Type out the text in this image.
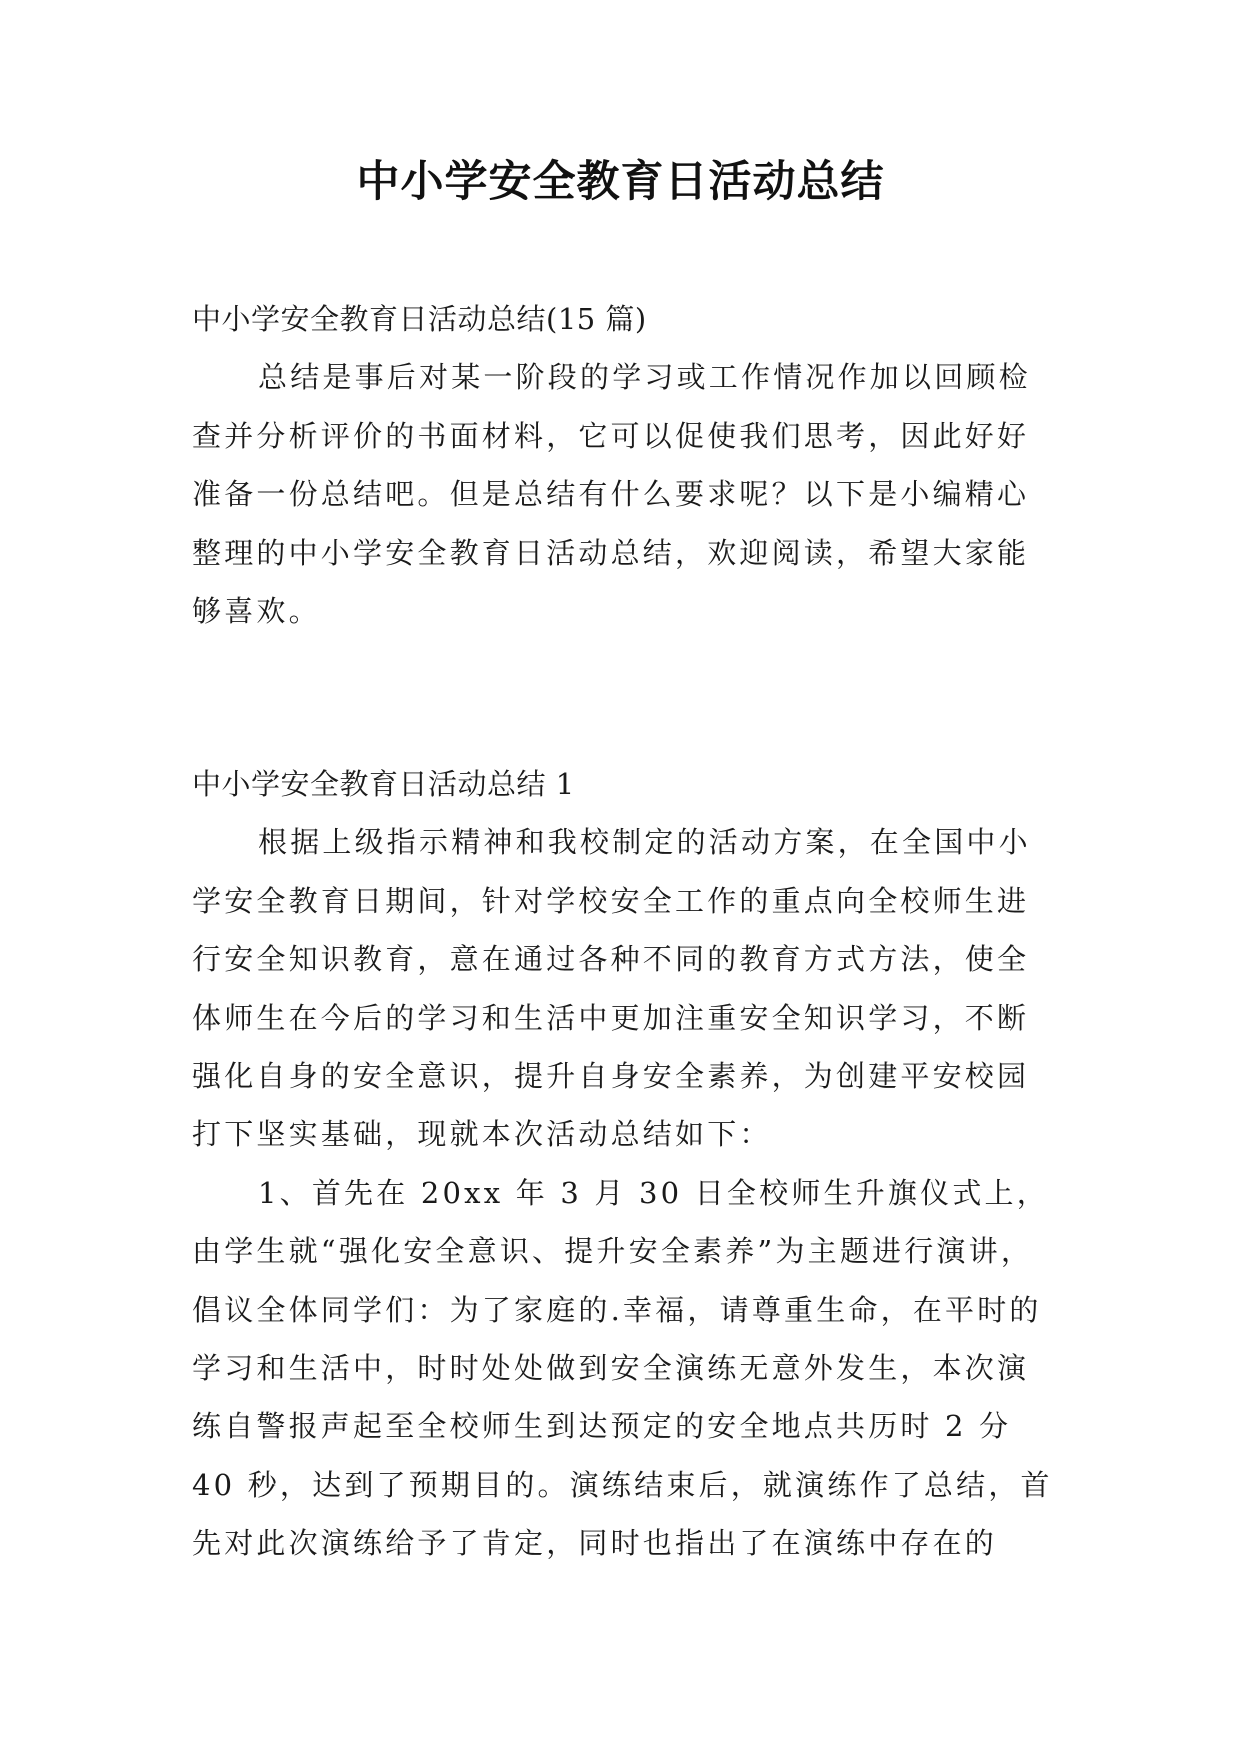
中小学安全教育日活动总结

中小学安全教育日活动总结(15 篇)

总结是事后对某一阶段的学习或工作情况作加以回顾检查并分析评价的书面材料，它可以促使我们思考，因此好好准备一份总结吧。但是总结有什么要求呢？以下是小编精心整理的中小学安全教育日活动总结，欢迎阅读，希望大家能够喜欢。

中小学安全教育日活动总结 1

根据上级指示精神和我校制定的活动方案，在全国中小学安全教育日期间，针对学校安全工作的重点向全校师生进行安全知识教育，意在通过各种不同的教育方式方法，使全体师生在今后的学习和生活中更加注重安全知识学习，不断强化自身的安全意识，提升自身安全素养，为创建平安校园打下坚实基础，现就本次活动总结如下：

1、首先在 20xx 年 3 月 30 日全校师生升旗仪式上，由学生就“强化安全意识、提升安全素养”为主题进行演讲，倡议全体同学们：为了家庭的.幸福，请尊重生命，在平时的学习和生活中，时时处处做到安全演练无意外发生，本次演练自警报声起至全校师生到达预定的安全地点共历时 2 分 40 秒，达到了预期目的。演练结束后，就演练作了总结，首先对此次演练给予了肯定，同时也指出了在演练中存在的
